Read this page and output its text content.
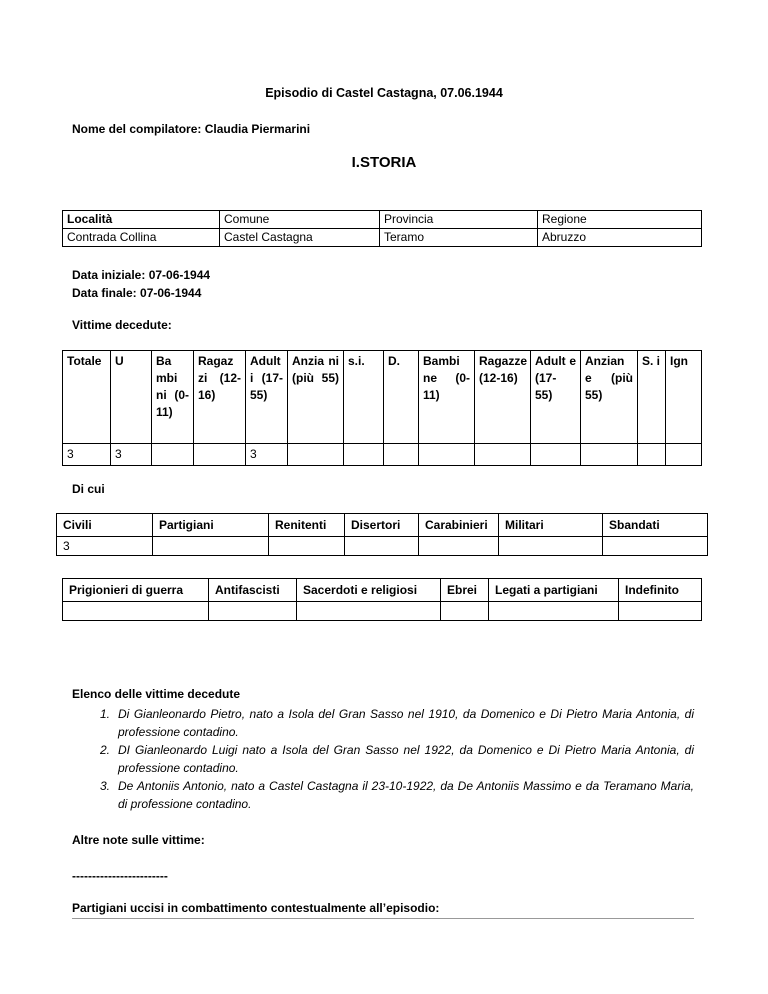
Episodio di Castel Castagna, 07.06.1944
Nome del compilatore: Claudia Piermarini
I.STORIA
Località	Comune	Provincia	Regione
Contrada Collina	Castel Castagna	Teramo	Abruzzo
Data iniziale: 07-06-1944
Data finale: 07-06-1944
Vittime decedute:
Totale	U	Ba mbi ni (0- 11)	Ragaz zi (12- 16)	Adult i (17- 55)	Anzia ni (più 55)	s.i.	D.	Bambi ne (0- 11)	Ragazze (12-16)	Adult e (17- 55)	Anzian e (più 55)	S. i	Ign
3	3			3									
Di cui
Civili	Partigiani	Renitenti	Disertori	Carabinieri	Militari	Sbandati
3						
Prigionieri di guerra	Antifascisti	Sacerdoti e religiosi	Ebrei	Legati a partigiani	Indefinito

Elenco delle vittime decedute
1. Di Gianleonardo Pietro, nato a Isola del Gran Sasso nel 1910, da Domenico e Di Pietro Maria Antonia, di professione contadino.
2. DI Gianleonardo Luigi nato a Isola del Gran Sasso nel 1922, da Domenico e Di Pietro Maria Antonia, di professione contadino.
3. De Antoniis Antonio, nato a Castel Castagna il 23-10-1922, da De Antoniis Massimo e da Teramano Maria, di professione contadino.
Altre note sulle vittime:
------------------------
Partigiani uccisi in combattimento contestualmente all’episodio:
